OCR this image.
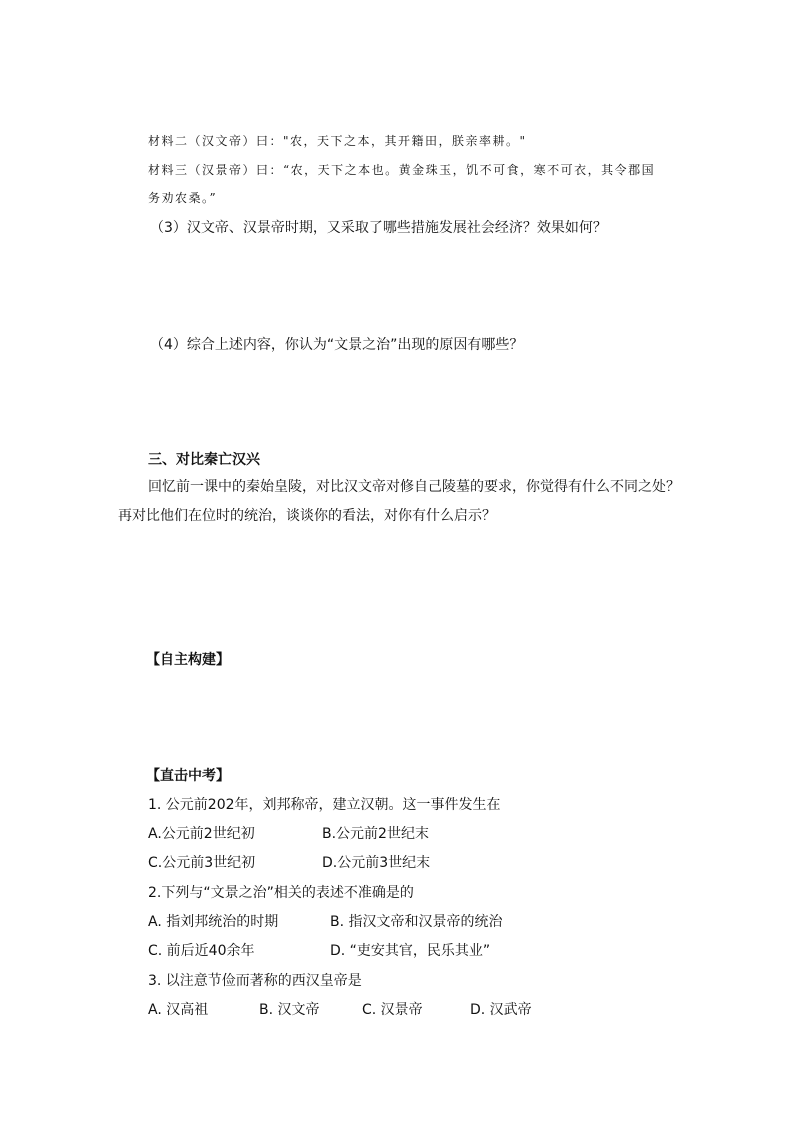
材料二（汉文帝）曰："农，天下之本，其开籍田，朕亲率耕。"
材料三（汉景帝）曰：“农，天下之本也。黄金珠玉，饥不可食，寒不可衣，其令郡国
务劝农桑。”
（3）汉文帝、汉景帝时期，又采取了哪些措施发展社会经济？效果如何？
（4）综合上述内容，你认为“文景之治”出现的原因有哪些？
三、对比秦亡汉兴
回忆前一课中的秦始皇陵，对比汉文帝对修自己陵墓的要求，你觉得有什么不同之处？
再对比他们在位时的统治，谈谈你的看法，对你有什么启示？
【自主构建】
【直击中考】
1. 公元前202年，刘邦称帝，建立汉朝。这一事件发生在
A.公元前2世纪初	B.公元前2世纪末
C.公元前3世纪初	D.公元前3世纪末
2.下列与“文景之治”相关的表述不准确是的
A. 指刘邦统治的时期	B. 指汉文帝和汉景帝的统治
C. 前后近40余年	D. “吏安其官，民乐其业”
3. 以注意节俭而著称的西汉皇帝是
A. 汉高祖	B. 汉文帝	C. 汉景帝	D. 汉武帝
